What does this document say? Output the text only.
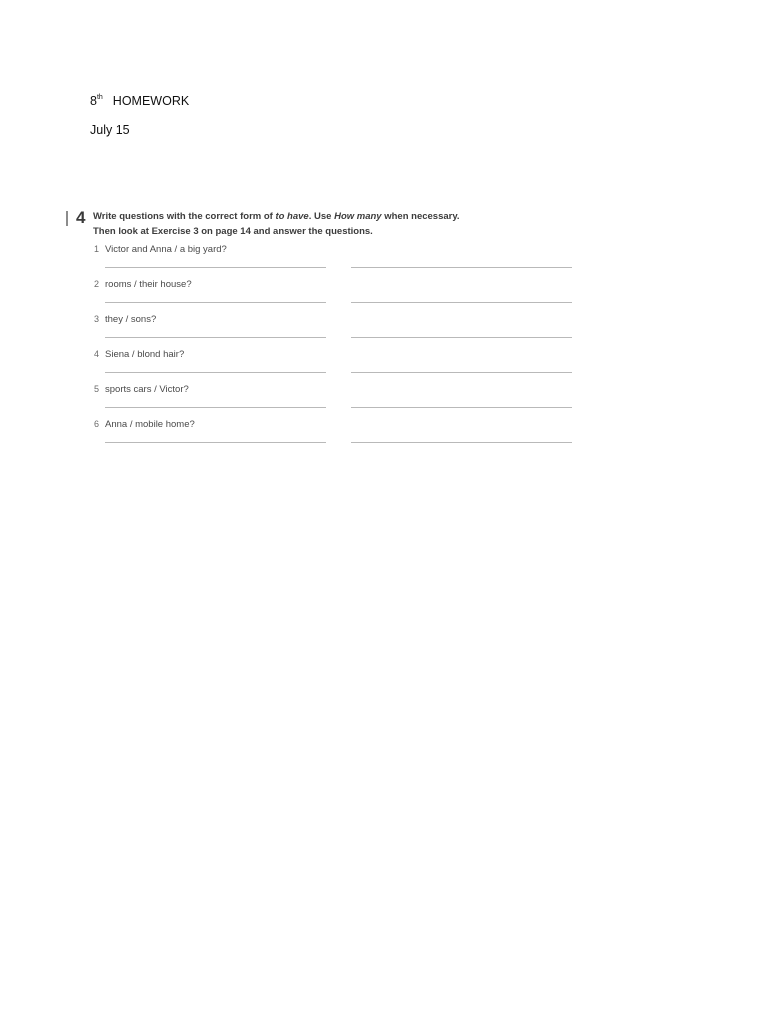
8th HOMEWORK
July 15
4 Write questions with the correct form of to have. Use How many when necessary.
Then look at Exercise 3 on page 14 and answer the questions.
1 Victor and Anna / a big yard?
2 rooms / their house?
3 they / sons?
4 Siena / blond hair?
5 sports cars / Victor?
6 Anna / mobile home?
